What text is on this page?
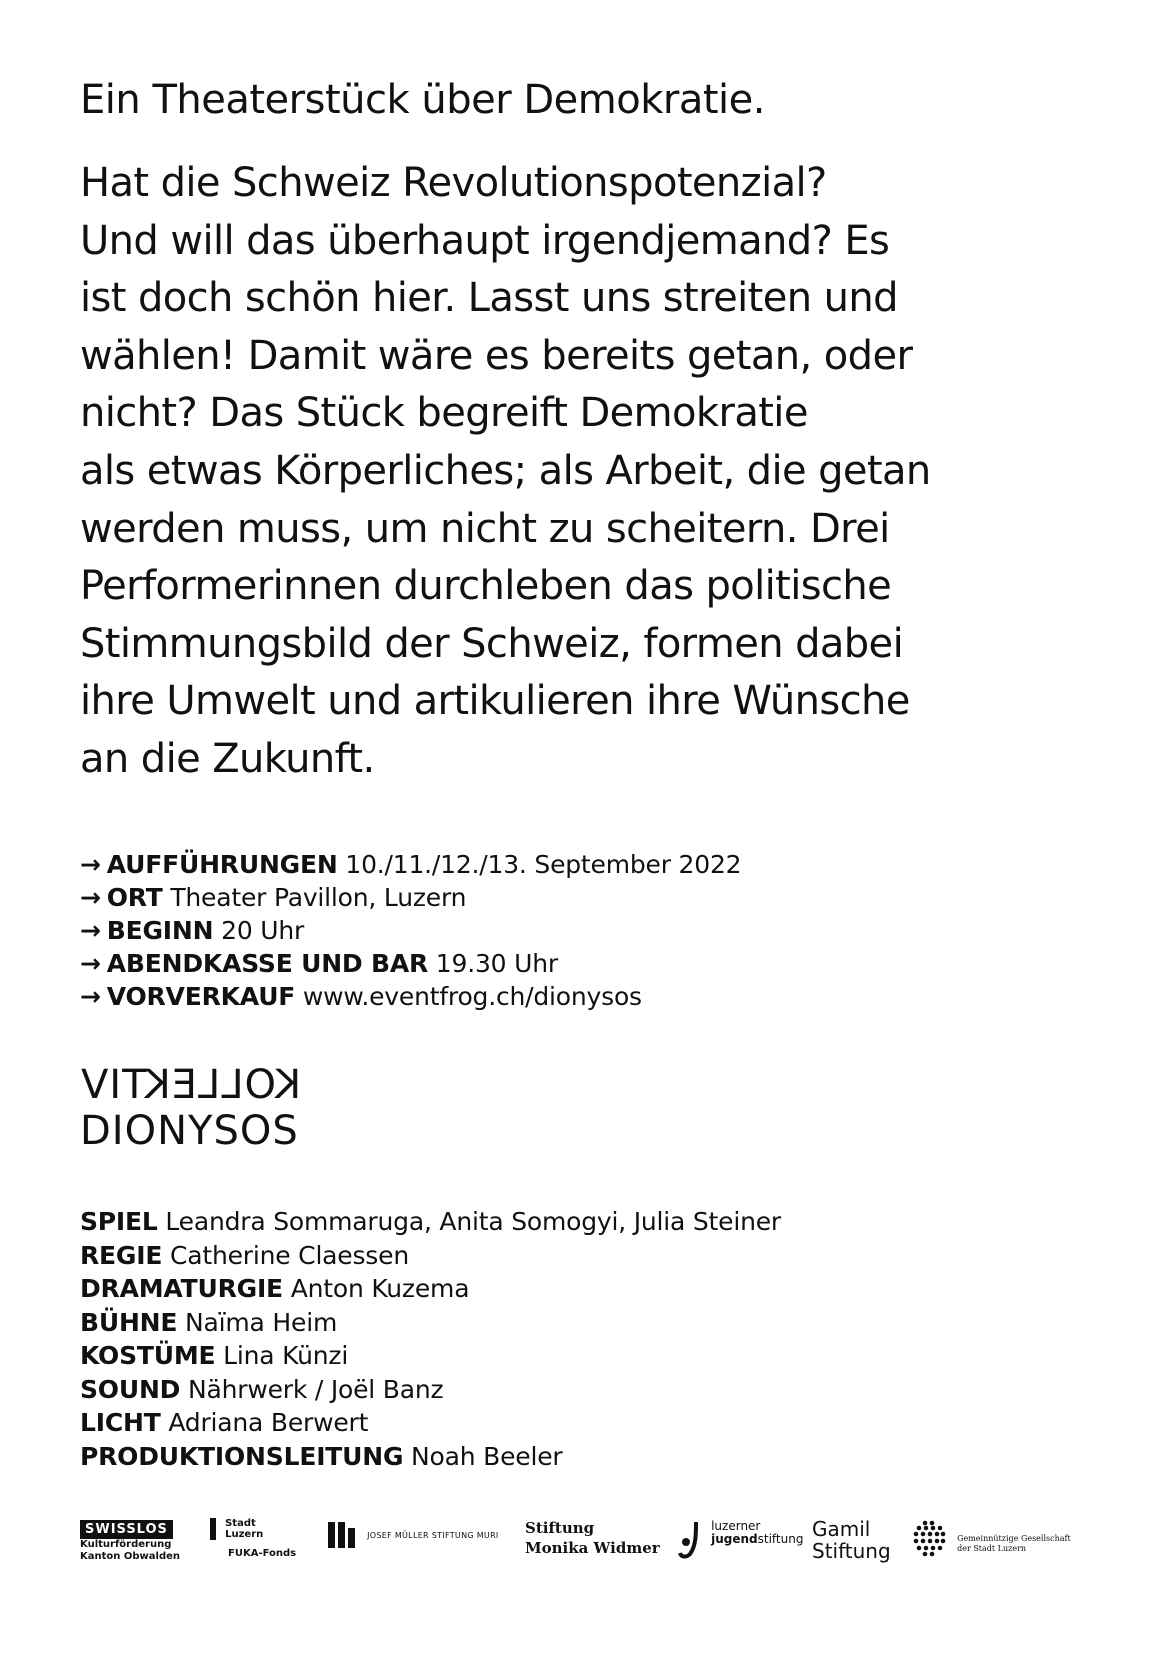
Ein Theaterstück über Demokratie.
Hat die Schweiz Revolutionspotenzial?
Und will das überhaupt irgendjemand? Es
ist doch schön hier. Lasst uns streiten und
wählen! Damit wäre es bereits getan, oder
nicht? Das Stück begreift Demokratie
als etwas Körperliches; als Arbeit, die getan
werden muss, um nicht zu scheitern. Drei
Performerinnen durchleben das politische
Stimmungsbild der Schweiz, formen dabei
ihre Umwelt und artikulieren ihre Wünsche
an die Zukunft.
→ AUFFÜHRUNGEN 10./11./12./13. September 2022
→ ORT Theater Pavillon, Luzern
→ BEGINN 20 Uhr
→ ABENDKASSE UND BAR 19.30 Uhr
→ VORVERKAUF www.eventfrog.ch/dionysos
KOLLEKTIV
DIONYSOS
SPIEL Leandra Sommaruga, Anita Somogyi, Julia Steiner
REGIE Catherine Claessen
DRAMATURGIE Anton Kuzema
BÜHNE Naïma Heim
KOSTÜME Lina Künzi
SOUND Nährwerk / Joël Banz
LICHT Adriana Berwert
PRODUKTIONSLEITUNG Noah Beeler
SWISSLOS
Kulturförderung
Kanton Obwalden
Stadt
Luzern
FUKA-Fonds
JOSEF MÜLLER STIFTUNG MURI Stiftung
Monika Widmer
luzerner
jugendstiftung Gamil
Stiftung
Gemeinnützige Gesellschaft
der Stadt Luzern
